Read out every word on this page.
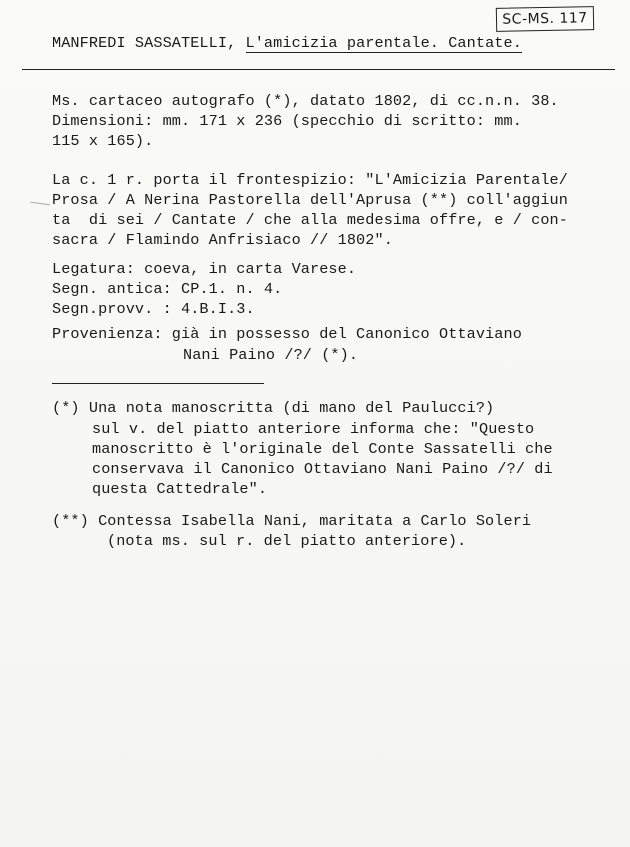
SC-MS. 117
MANFREDI SASSATELLI, L'amicizia parentale. Cantate.
Ms. cartaceo autografo (*), datato 1802, di cc.n.n. 38.
Dimensioni: mm. 171 x 236 (specchio di scritto: mm.
115 x 165).
La c. 1 r. porta il frontespizio: "L'Amicizia Parentale/
Prosa / A Nerina Pastorella dell'Aprusa (**) coll'aggiun
ta  di sei / Cantate / che alla medesima offre, e / con-
sacra / Flamindo Anfrisiaco // 1802".
Legatura: coeva, in carta Varese.
Segn. antica: CP.1. n. 4.
Segn.provv. : 4.B.I.3.
Provenienza: già in possesso del Canonico Ottaviano
Nani Paino /?/ (*).
(*) Una nota manoscritta (di mano del Paulucci?)
sul v. del piatto anteriore informa che: "Questo
manoscritto è l'originale del Conte Sassatelli che
conservava il Canonico Ottaviano Nani Paino /?/ di
questa Cattedrale".
(**) Contessa Isabella Nani, maritata a Carlo Soleri
(nota ms. sul r. del piatto anteriore).
